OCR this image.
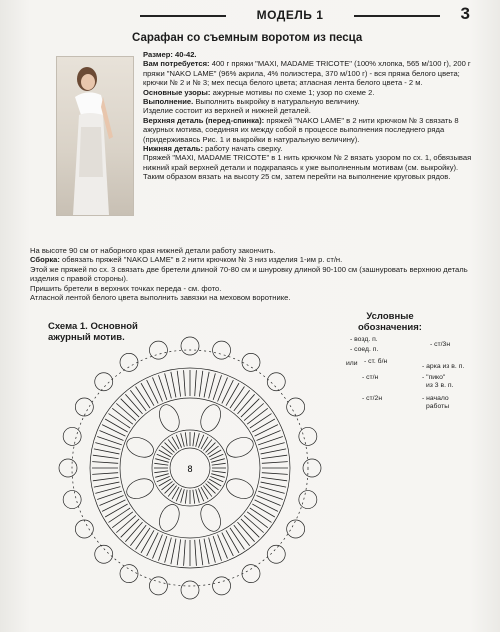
МОДЕЛЬ 1	3
Сарафан со съемным воротом из песца

Размер: 40-42.

Вам потребуется: 400 г пряжи "MAXI, MADAME TRICOTE" (100% хлопка, 565 м/100 г), 200 г пряжи "NAKO LAME" (96% акрила, 4% полиэстера, 370 м/100 г) - вся пряжа белого цвета; крючки № 2 и № 3; мех песца белого цвета; атласная лента белого цвета - 2 м.

Основные узоры: ажурные мотивы по схеме 1; узор по схеме 2.

Выполнение. Выполнить выкройку в натуральную величину.

Изделие состоит из верхней и нижней деталей.

Верхняя деталь (перед-спинка): пряжей "NAKO LAME" в 2 нити крючком № 3 связать 8 ажурных мотива, соединяя их между собой в процессе выполнения последнего ряда (придерживаясь Рис. 1 и выкройки в натуральную величину).

Нижняя деталь: работу начать сверху.

Пряжей "MAXI, MADAME TRICOTE" в 1 нить крючком № 2 вязать узором по сх. 1, обвязывая нижний край верхней детали и подкрапаясь к уже выполненным мотивам (см. выкройку).

Таким образом вязать на высоту 25 см, затем перейти на выполнение круговых рядов.

На высоте 90 см от наборного края нижней детали работу закончить.

Сборка: обвязать пряжей "NAKO LAME" в 2 нити крючком № 3 низ изделия 1-им р. ст/н.

Этой же пряжей по сх. 3 связать две бретели длиной 70-80 см и шнуровку длиной 90-100 см (зашнуровать верхнюю деталь изделия с правой стороны).

Пришить бретели в верхних точках переда - см. фото.

Атласной лентой белого цвета выполнить завязки на меховом воротнике.

Схема 1. Основной
ажурный мотив.
8
Условные
обозначения:
- возд. п.
- соед. п.
- ст/3н
- ст. б/н
или
- ст/н
- арка из в. п.
- "пико"
из 3 в. п.
- ст/2н	- начало
работы
